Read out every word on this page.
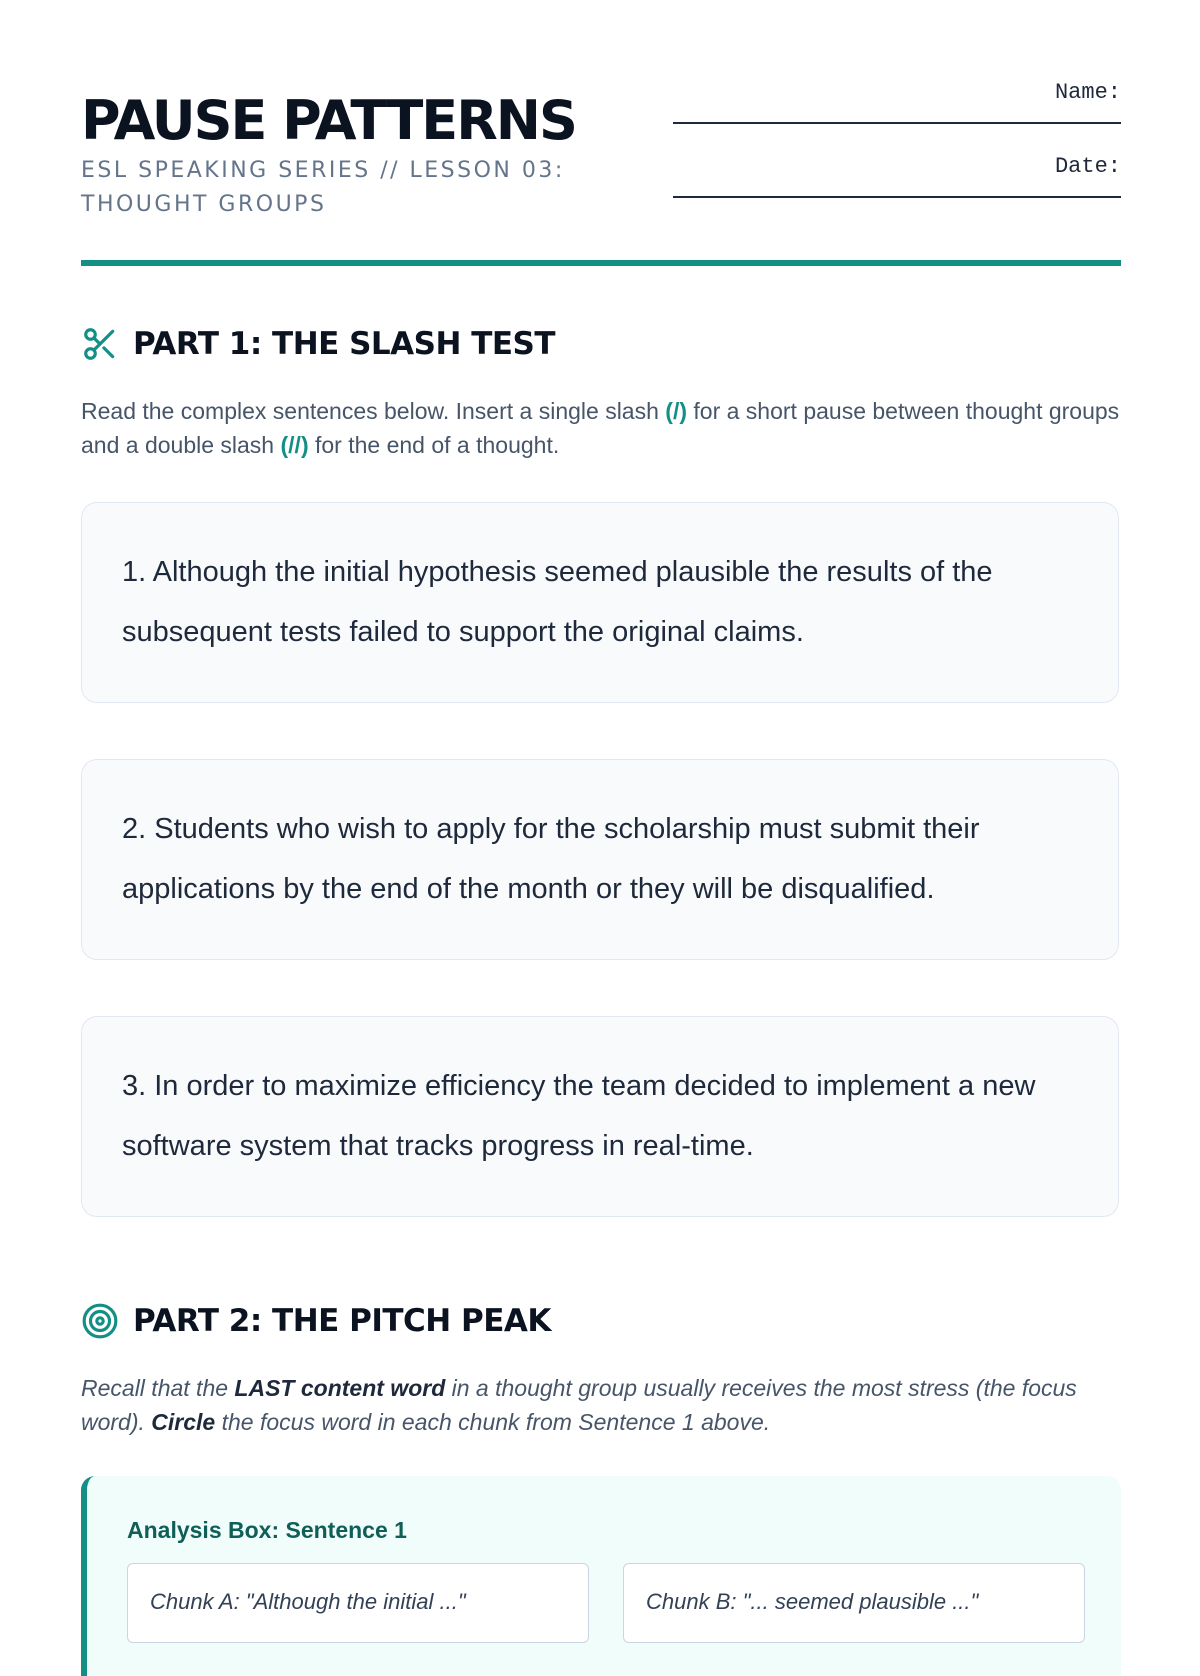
PAUSE PATTERNS
ESL SPEAKING SERIES // LESSON 03: THOUGHT GROUPS
Name:
Date:
PART 1: THE SLASH TEST

Read the complex sentences below. Insert a single slash (/) for a short pause between thought groups and a double slash (//) for the end of a thought.

1. Although the initial hypothesis seemed plausible the results of the subsequent tests failed to support the original claims.

2. Students who wish to apply for the scholarship must submit their applications by the end of the month or they will be disqualified.

3. In order to maximize efficiency the team decided to implement a new software system that tracks progress in real-time.

PART 2: THE PITCH PEAK

Recall that the LAST content word in a thought group usually receives the most stress (the focus word). Circle the focus word in each chunk from Sentence 1 above.

Analysis Box: Sentence 1

Chunk A: "Although the initial ..."	Chunk B: "... seemed plausible ..."
